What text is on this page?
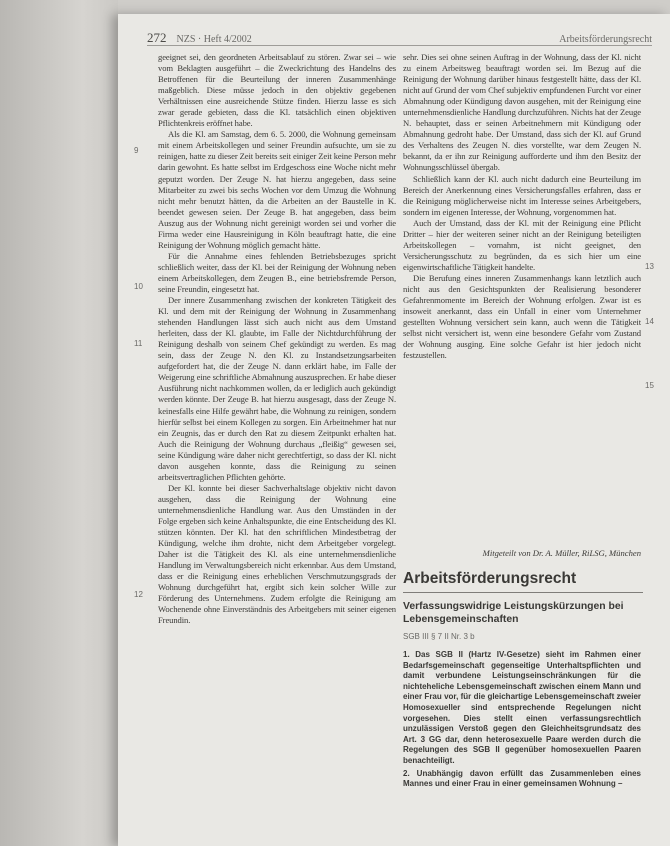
272 NZS · Heft 4/2002	Arbeitsförderungsrecht
9
10
11
12
13
14
15

geeignet sei, den geordneten Arbeitsablauf zu stören. Zwar sei – wie vom Beklagten ausgeführt – die Zweckrichtung des Handelns des Betroffenen für die Beurteilung der inneren Zusammenhänge maßgeblich. Diese müsse jedoch in den objektiv gegebenen Verhältnissen eine ausreichende Stütze finden. Hierzu lasse es sich zwar gerade gebieten, dass die Kl. tatsächlich einen objektiven Pflichtenkreis eröffnet habe.

Als die Kl. am Samstag, dem 6. 5. 2000, die Wohnung gemeinsam mit einem Arbeitskollegen und seiner Freundin aufsuchte, um sie zu reinigen, hatte zu dieser Zeit bereits seit einiger Zeit keine Person mehr darin gewohnt. Es hatte selbst im Erdgeschoss eine Woche nicht mehr geputzt worden. Der Zeuge N. hat hierzu angegeben, dass seine Mitarbeiter zu zwei bis sechs Wochen vor dem Umzug die Wohnung nicht mehr benutzt hätten, da die Arbeiten an der Baustelle in K. beendet gewesen seien. Der Zeuge B. hat angegeben, dass beim Auszug aus der Wohnung nicht gereinigt worden sei und vorher die Firma weder eine Hausreinigung in Köln beauftragt hatte, die eine Reinigung der Wohnung möglich gemacht hätte.

Für die Annahme eines fehlenden Betriebsbezuges spricht schließlich weiter, dass der Kl. bei der Reinigung der Wohnung neben einem Arbeitskollegen, dem Zeugen B., eine betriebsfremde Person, seine Freundin, eingesetzt hat.

Der innere Zusammenhang zwischen der konkreten Tätigkeit des Kl. und dem mit der Reinigung der Wohnung in Zusammenhang stehenden Handlungen lässt sich auch nicht aus dem Umstand herleiten, dass der Kl. glaubte, im Falle der Nichtdurchführung der Reinigung deshalb von seinem Chef gekündigt zu werden. Es mag sein, dass der Zeuge N. den Kl. zu Instandsetzungsarbeiten aufgefordert hat, die der Zeuge N. dann erklärt habe, im Falle der Weigerung eine schriftliche Abmahnung auszusprechen. Er habe dieser Ausführung nicht nachkommen wollen, da er lediglich auch gekündigt werden könnte. Der Zeuge B. hat hierzu ausgesagt, dass der Zeuge N. keinesfalls eine Hilfe gewährt habe, die Wohnung zu reinigen, sondern hierfür selbst bei einem Kollegen zu sorgen. Ein Arbeitnehmer hat nur ein Zeugnis, das er durch den Rat zu diesem Zeitpunkt erhalten hat. Auch die Reinigung der Wohnung durchaus „fleißig“ gewesen sei, seine Kündigung wäre daher nicht gerechtfertigt, so dass der Kl. nicht davon ausgehen konnte, dass die Reinigung zu seinen arbeitsvertraglichen Pflichten gehörte.

Der Kl. konnte bei dieser Sachverhaltslage objektiv nicht davon ausgehen, dass die Reinigung der Wohnung eine unternehmensdienliche Handlung war. Aus den Umständen in der Folge ergeben sich keine Anhaltspunkte, die eine Entscheidung des Kl. stützen könnten. Der Kl. hat den schriftlichen Mindestbetrag der Kündigung, welche ihm drohte, nicht dem Arbeitgeber vorgelegt. Daher ist die Tätigkeit des Kl. als eine unternehmensdienliche Handlung im Verwaltungsbereich nicht erkennbar. Aus dem Umstand, dass er die Reinigung eines erheblichen Verschmutzungsgrads der Wohnung durchgeführt hat, ergibt sich kein solcher Wille zur Förderung des Unternehmens. Zudem erfolgte die Reinigung am Wochenende ohne Einverständnis des Arbeitgebers mit seiner eigenen Freundin.

sehr. Dies sei ohne seinen Auftrag in der Wohnung, dass der Kl. nicht zu einem Arbeitsweg beauftragt worden sei. Im Bezug auf die Reinigung der Wohnung darüber hinaus festgestellt hätte, dass der Kl. nicht auf Grund der vom Chef subjektiv empfundenen Furcht vor einer Abmahnung oder Kündigung davon ausgehen, mit der Reinigung eine unternehmensdienliche Handlung durchzuführen. Nichts hat der Zeuge N. behauptet, dass er seinen Arbeitnehmern mit Kündigung oder Abmahnung gedroht habe. Der Umstand, dass sich der Kl. auf Grund des Verhaltens des Zeugen N. dies vorstellte, war dem Zeugen N. bekannt, da er ihn zur Reinigung aufforderte und ihm den Besitz der Wohnungsschlüssel übergab.

Schließlich kann der Kl. auch nicht dadurch eine Beurteilung im Bereich der Anerkennung eines Versicherungsfalles erfahren, dass er die Reinigung möglicherweise nicht im Interesse seines Arbeitgebers, sondern im eigenen Interesse, der Wohnung, vorgenommen hat.

Auch der Umstand, dass der Kl. mit der Reinigung eine Pflicht Dritter – hier der weiteren seiner nicht an der Reinigung beteiligten Arbeitskollegen – vornahm, ist nicht geeignet, den Versicherungsschutz zu begründen, da es sich hier um eine eigenwirtschaftliche Tätigkeit handelte.

Die Berufung eines inneren Zusammenhangs kann letztlich auch nicht aus den Gesichtspunkten der Realisierung besonderer Gefahrenmomente im Bereich der Wohnung erfolgen. Zwar ist es insoweit anerkannt, dass ein Unfall in einer vom Unternehmer gestellten Wohnung versichert sein kann, auch wenn die Tätigkeit selbst nicht versichert ist, wenn eine besondere Gefahr vom Zustand der Wohnung ausging. Eine solche Gefahr ist hier jedoch nicht festzustellen.

Mitgeteilt von Dr. A. Müller, RiLSG, München
Arbeitsförderungsrecht
Verfassungswidrige Leistungskürzungen bei Lebensgemeinschaften
SGB III § 7 II Nr. 3 b

1. Das SGB II (Hartz IV-Gesetze) sieht im Rahmen einer Bedarfsgemeinschaft gegenseitige Unterhaltspflichten und damit verbundene Leistungseinschränkungen für die nichteheliche Lebensgemeinschaft zwischen einem Mann und einer Frau vor, für die gleichartige Lebensgemeinschaft zweier Homosexueller sind entsprechende Regelungen nicht vorgesehen. Dies stellt einen verfassungsrechtlich unzulässigen Verstoß gegen den Gleichheitsgrundsatz des Art. 3 GG dar, denn heterosexuelle Paare werden durch die Regelungen des SGB II gegenüber homosexuellen Paaren benachteiligt.

2. Unabhängig davon erfüllt das Zusammenleben eines Mannes und einer Frau in einer gemeinsamen Wohnung –
